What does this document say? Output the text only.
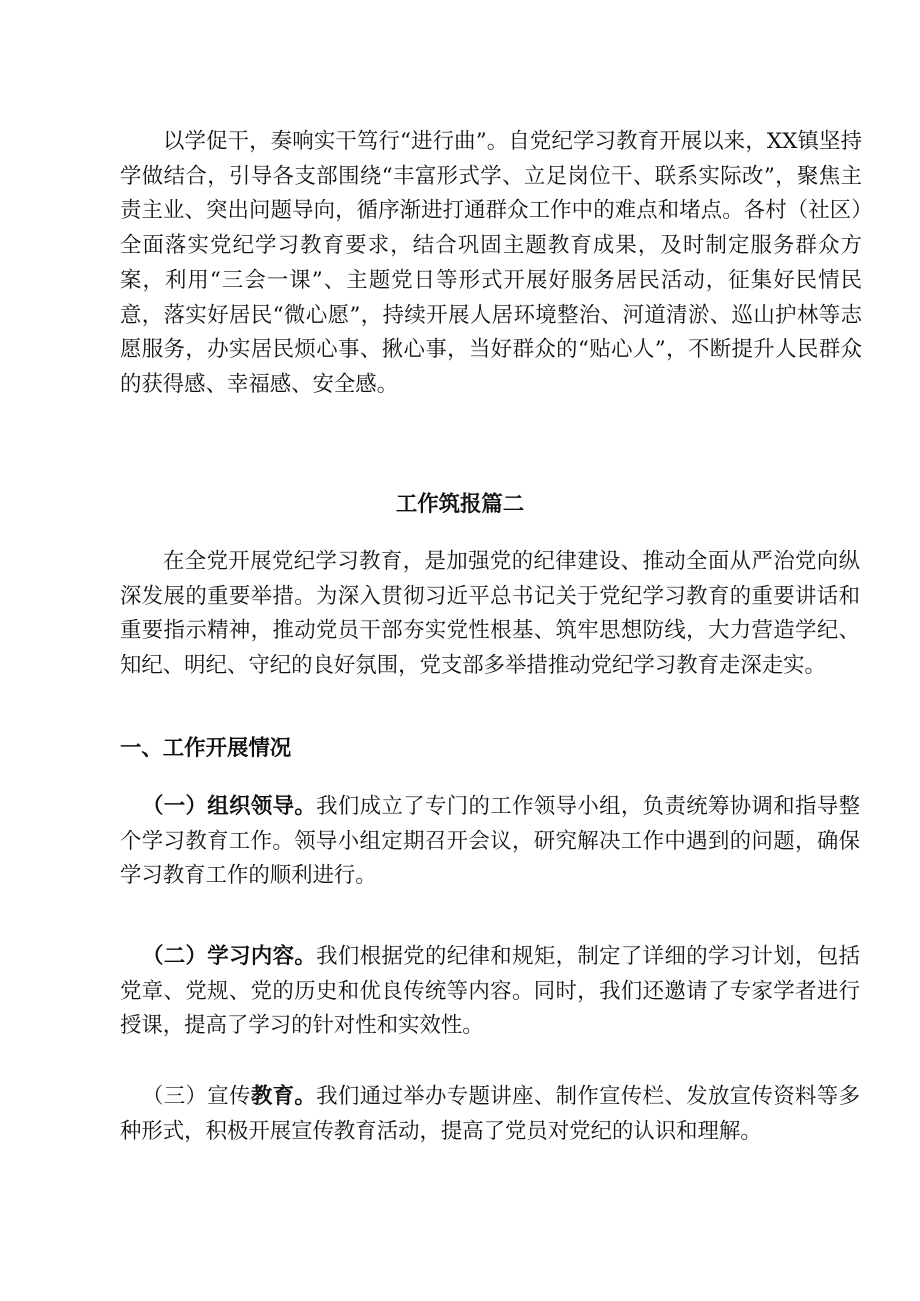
以学促干，奏响实干笃行“进行曲”。自党纪学习教育开展以来，XX镇坚持学做结合，引导各支部围绕“丰富形式学、立足岗位干、联系实际改”，聚焦主责主业、突出问题导向，循序渐进打通群众工作中的难点和堵点。各村（社区）全面落实党纪学习教育要求，结合巩固主题教育成果，及时制定服务群众方案，利用“三会一课”、主题党日等形式开展好服务居民活动，征集好民情民意，落实好居民“微心愿”，持续开展人居环境整治、河道清淤、巡山护林等志愿服务，办实居民烦心事、揪心事，当好群众的“贴心人”，不断提升人民群众的获得感、幸福感、安全感。

工作筑报篇二

在全党开展党纪学习教育，是加强党的纪律建设、推动全面从严治党向纵深发展的重要举措。为深入贯彻习近平总书记关于党纪学习教育的重要讲话和重要指示精神，推动党员干部夯实党性根基、筑牢思想防线，大力营造学纪、知纪、明纪、守纪的良好氛围，党支部多举措推动党纪学习教育走深走实。

一、工作开展情况

（一）组织领导。我们成立了专门的工作领导小组，负责统筹协调和指导整个学习教育工作。领导小组定期召开会议，研究解决工作中遇到的问题，确保学习教育工作的顺利进行。

（二）学习内容。我们根据党的纪律和规矩，制定了详细的学习计划，包括党章、党规、党的历史和优良传统等内容。同时，我们还邀请了专家学者进行授课，提高了学习的针对性和实效性。

（三）宣传教育。我们通过举办专题讲座、制作宣传栏、发放宣传资料等多种形式，积极开展宣传教育活动，提高了党员对党纪的认识和理解。
